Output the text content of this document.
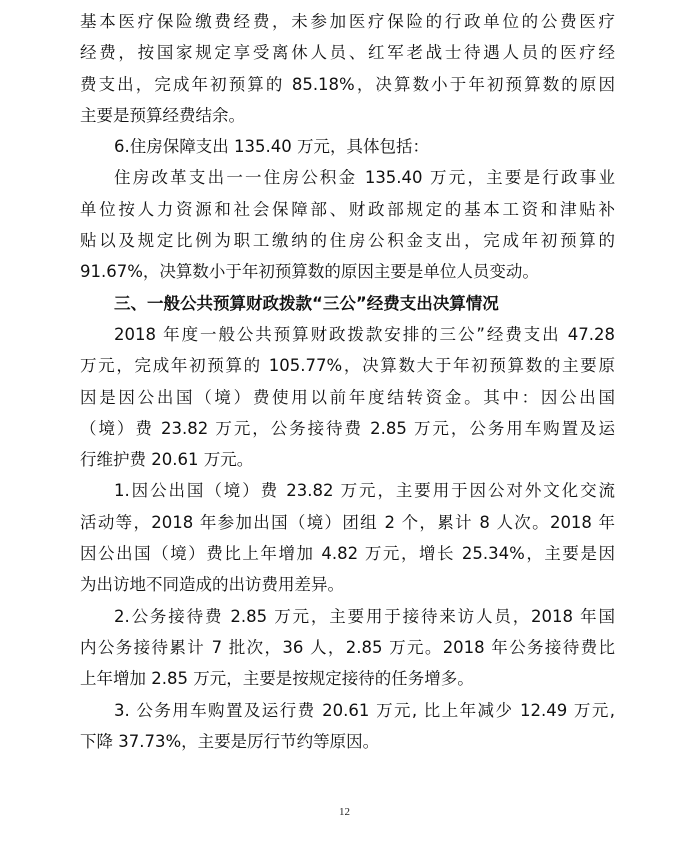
基本医疗保险缴费经费，未参加医疗保险的行政单位的公费医疗
经费，按国家规定享受离休人员、红军老战士待遇人员的医疗经
费支出，完成年初预算的 85.18%，决算数小于年初预算数的原因
主要是预算经费结余。
6.住房保障支出 135.40 万元，具体包括：
住房改革支出一一住房公积金 135.40 万元，主要是行政事业
单位按人力资源和社会保障部、财政部规定的基本工资和津贴补
贴以及规定比例为职工缴纳的住房公积金支出，完成年初预算的
91.67%，决算数小于年初预算数的原因主要是单位人员变动。
三、一般公共预算财政拨款“三公”经费支出决算情况
2018 年度一般公共预算财政拨款安排的三公”经费支出 47.28
万元，完成年初预算的 105.77%，决算数大于年初预算数的主要原
因是因公出国（境）费使用以前年度结转资金。其中：因公出国
（境）费 23.82 万元，公务接待费 2.85 万元，公务用车购置及运
行维护费 20.61 万元。
1.因公出国（境）费 23.82 万元，主要用于因公对外文化交流
活动等，2018 年参加出国（境）团组 2 个，累计 8 人次。2018 年
因公出国（境）费比上年增加 4.82 万元，增长 25.34%，主要是因
为出访地不同造成的出访费用差异。
2.公务接待费 2.85 万元，主要用于接待来访人员，2018 年国
内公务接待累计 7 批次，36 人，2.85 万元。2018 年公务接待费比
上年增加 2.85 万元，主要是按规定接待的任务增多。
3. 公务用车购置及运行费 20.61 万元, 比上年减少 12.49 万元,
下降 37.73%，主要是厉行节约等原因。
12
